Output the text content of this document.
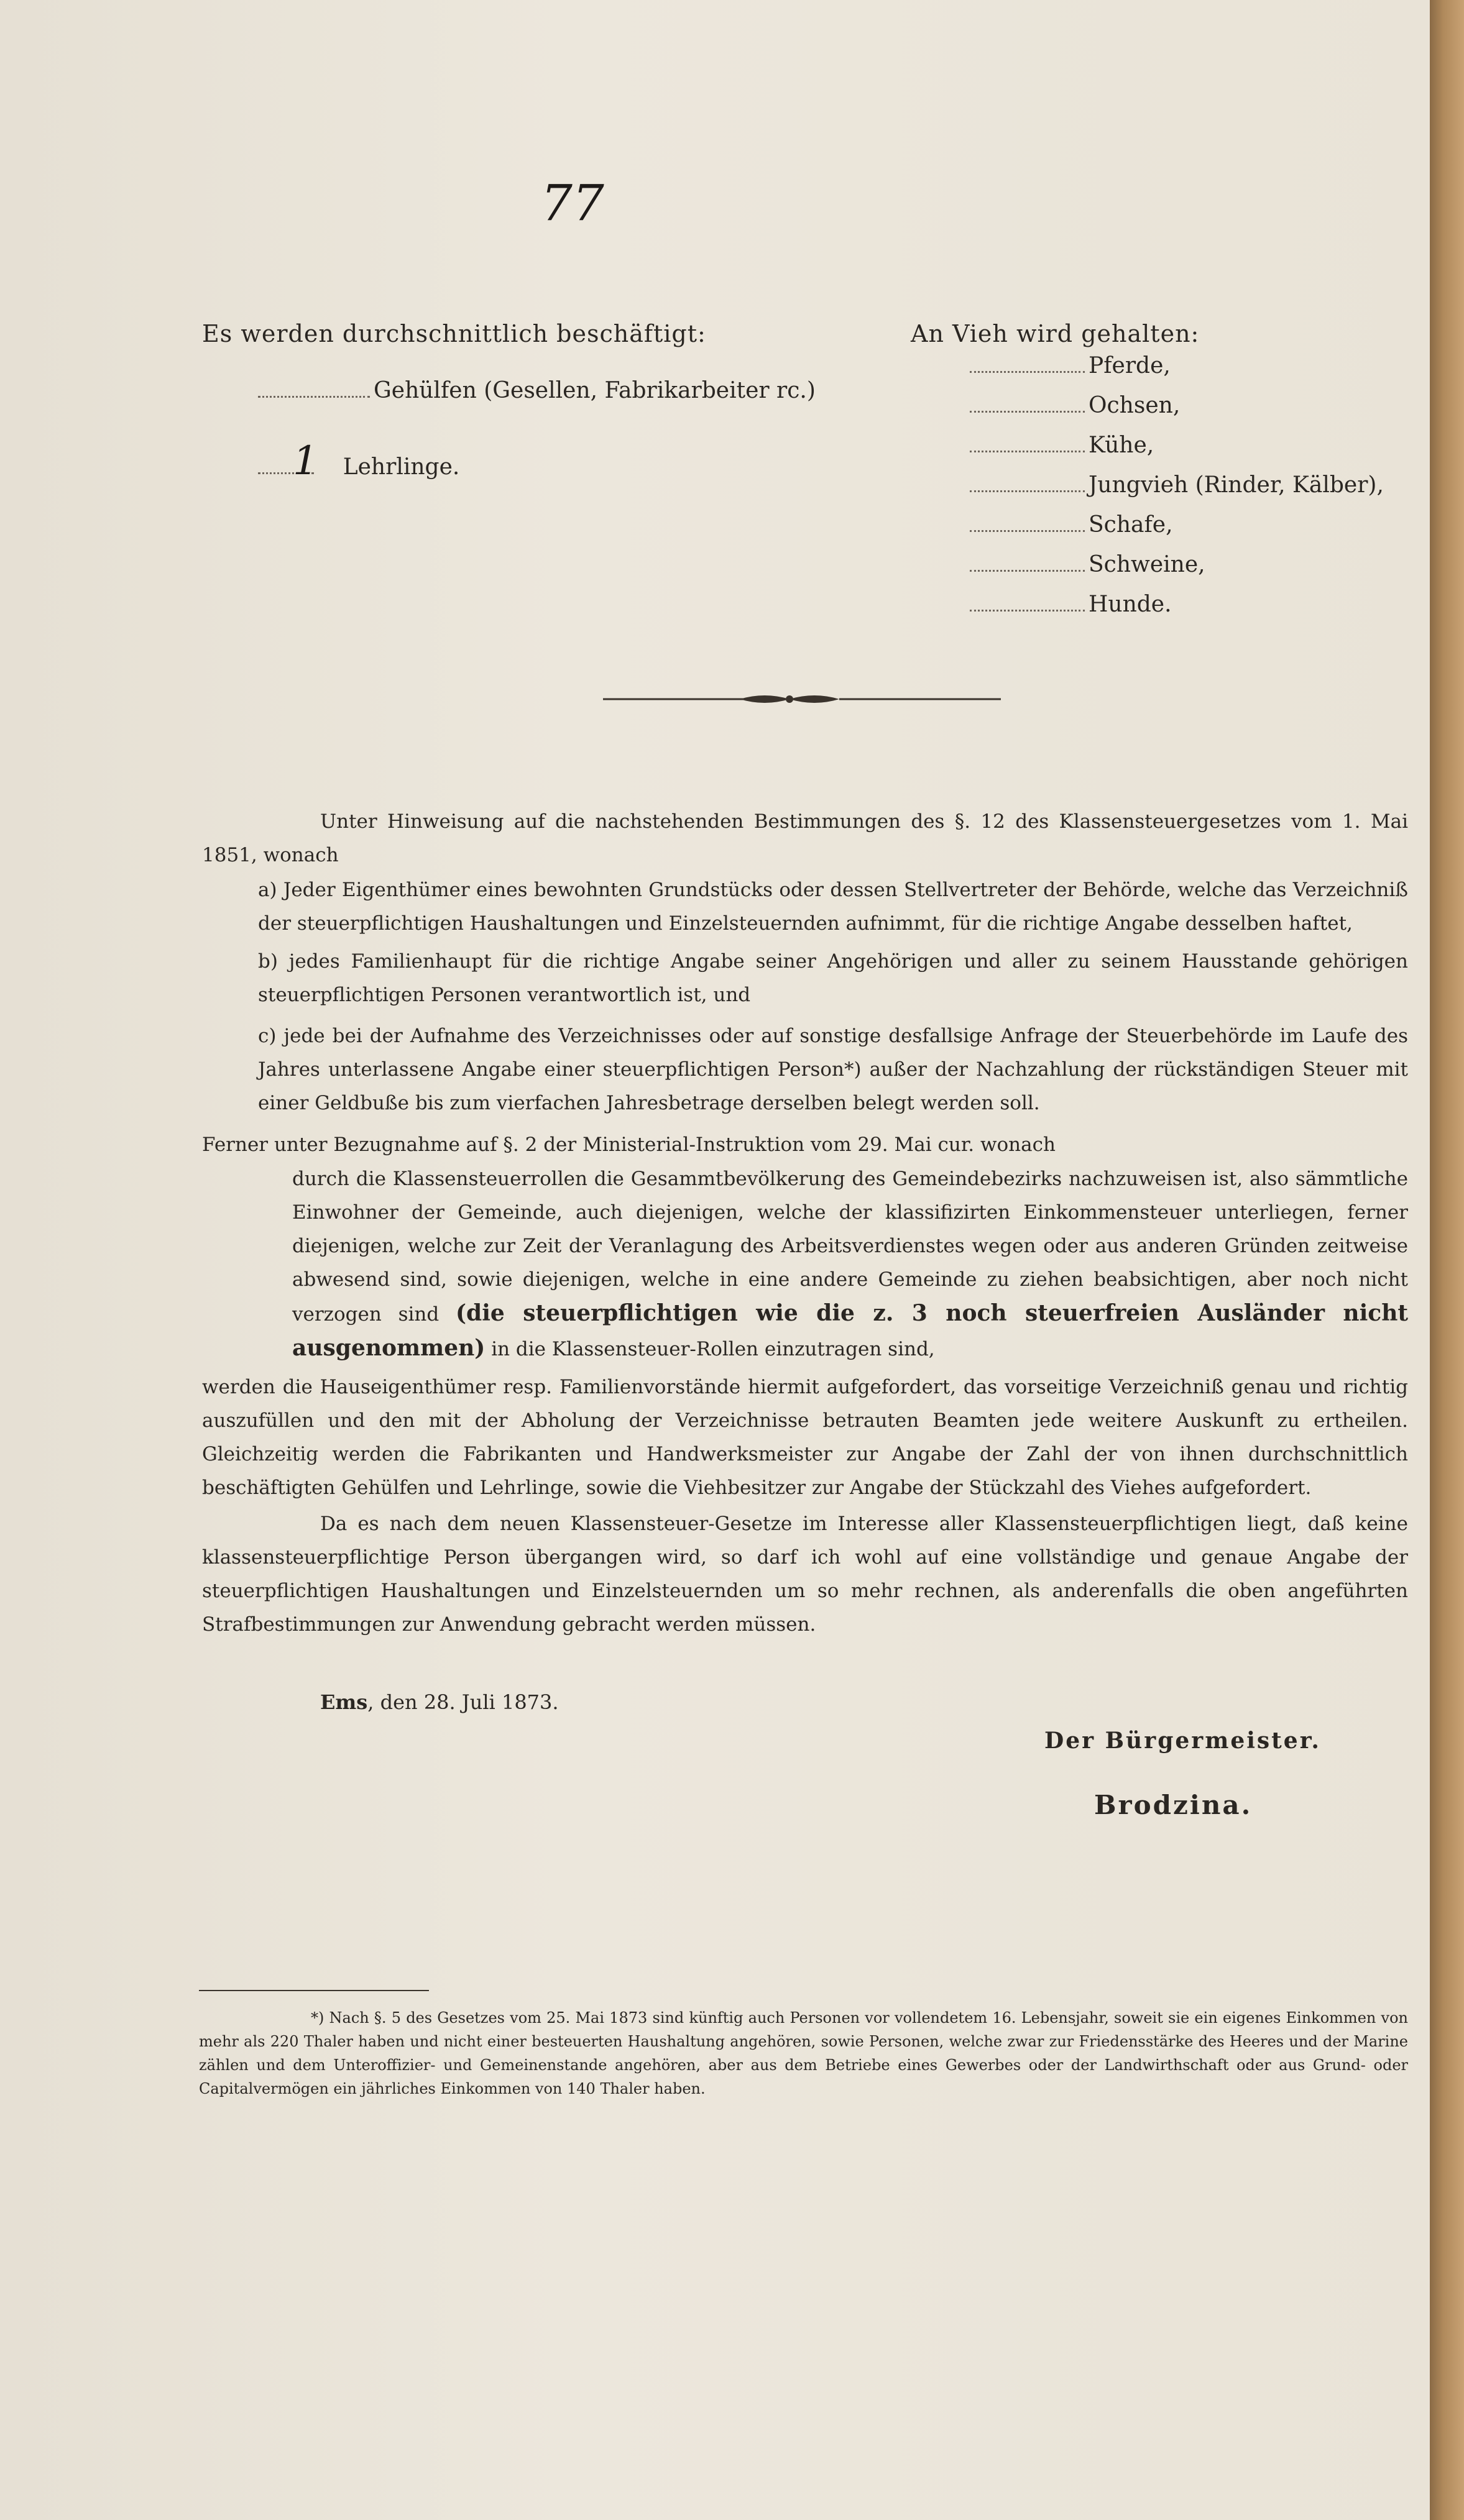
77
Es werden durchschnittlich beschäftigt:
Gehülfen (Gesellen, Fabrikarbeiter rc.)
1 Lehrlinge.
An Vieh wird gehalten:
Pferde,
Ochsen,
Kühe,
Jungvieh (Rinder, Kälber),
Schafe,
Schweine,
Hunde.
Unter Hinweisung auf die nachstehenden Bestimmungen des §. 12 des Klassensteuergesetzes vom 1. Mai 1851, wonach
a) Jeder Eigenthümer eines bewohnten Grundstücks oder dessen Stellvertreter der Behörde, welche das Verzeichniß der steuerpflichtigen Haushaltungen und Einzelsteuernden aufnimmt, für die richtige Angabe desselben haftet,
b) jedes Familienhaupt für die richtige Angabe seiner Angehörigen und aller zu seinem Hausstande gehörigen steuerpflichtigen Personen verantwortlich ist, und
c) jede bei der Aufnahme des Verzeichnisses oder auf sonstige desfallsige Anfrage der Steuerbehörde im Laufe des Jahres unterlassene Angabe einer steuerpflichtigen Person*) außer der Nachzahlung der rückständigen Steuer mit einer Geldbuße bis zum vierfachen Jahresbetrage derselben belegt werden soll.
Ferner unter Bezugnahme auf §. 2 der Ministerial-Instruktion vom 29. Mai cur. wonach
durch die Klassensteuerrollen die Gesammtbevölkerung des Gemeindebezirks nachzuweisen ist, also sämmtliche Einwohner der Gemeinde, auch diejenigen, welche der klassifizirten Einkommensteuer unterliegen, ferner diejenigen, welche zur Zeit der Veranlagung des Arbeitsverdienstes wegen oder aus anderen Gründen zeitweise abwesend sind, sowie diejenigen, welche in eine andere Gemeinde zu ziehen beabsichtigen, aber noch nicht verzogen sind (die steuerpflichtigen wie die z. 3 noch steuerfreien Ausländer nicht ausgenommen) in die Klassensteuer-Rollen einzutragen sind,
werden die Hauseigenthümer resp. Familienvorstände hiermit aufgefordert, das vorseitige Verzeichniß genau und richtig auszufüllen und den mit der Abholung der Verzeichnisse betrauten Beamten jede weitere Auskunft zu ertheilen. Gleichzeitig werden die Fabrikanten und Handwerksmeister zur Angabe der Zahl der von ihnen durchschnittlich beschäftigten Gehülfen und Lehrlinge, sowie die Viehbesitzer zur Angabe der Stückzahl des Viehes aufgefordert.
Da es nach dem neuen Klassensteuer-Gesetze im Interesse aller Klassensteuerpflichtigen liegt, daß keine klassensteuerpflichtige Person übergangen wird, so darf ich wohl auf eine vollständige und genaue Angabe der steuerpflichtigen Haushaltungen und Einzelsteuernden um so mehr rechnen, als anderenfalls die oben angeführten Strafbestimmungen zur Anwendung gebracht werden müssen.
Ems, den 28. Juli 1873.
Der Bürgermeister.
Brodzina.
*) Nach §. 5 des Gesetzes vom 25. Mai 1873 sind künftig auch Personen vor vollendetem 16. Lebensjahr, soweit sie ein eigenes Einkommen von mehr als 220 Thaler haben und nicht einer besteuerten Haushaltung angehören, sowie Personen, welche zwar zur Friedensstärke des Heeres und der Marine zählen und dem Unteroffizier- und Gemeinenstande angehören, aber aus dem Betriebe eines Gewerbes oder der Landwirthschaft oder aus Grund- oder Capitalvermögen ein jährliches Einkommen von 140 Thaler haben.
